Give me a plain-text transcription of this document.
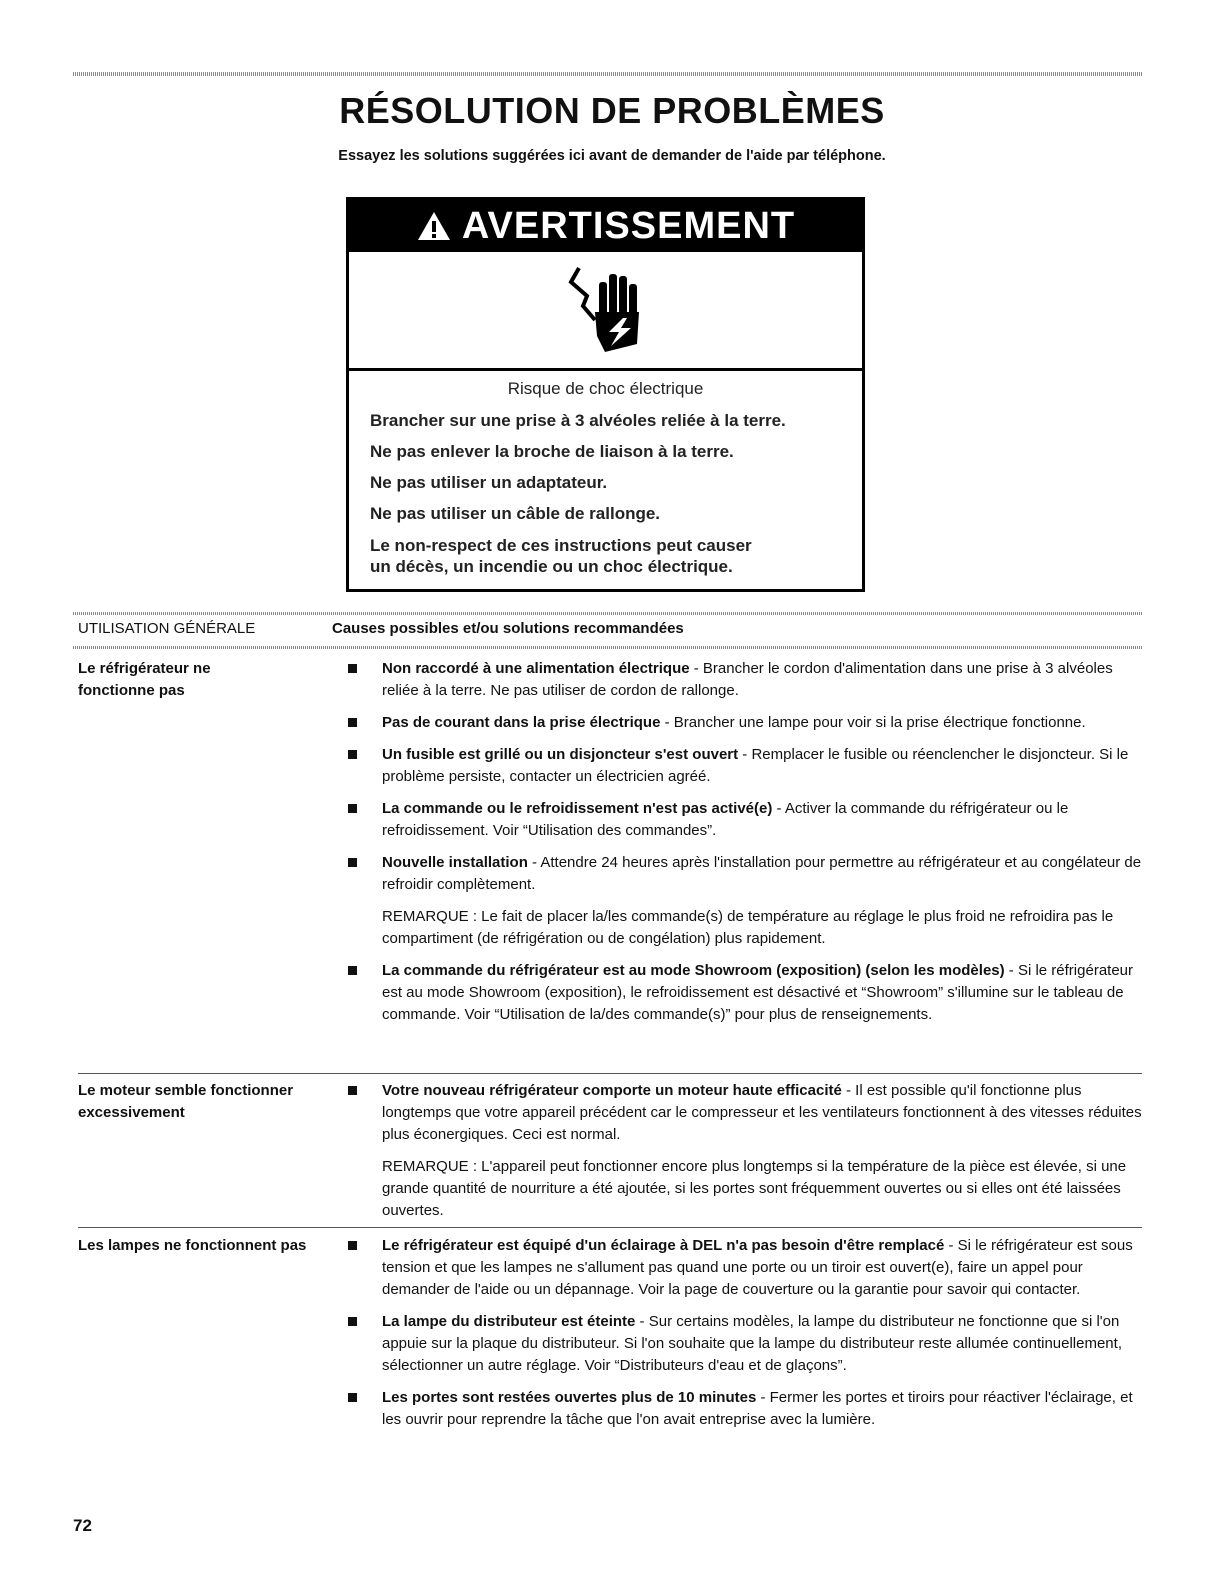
RÉSOLUTION DE PROBLÈMES
Essayez les solutions suggérées ici avant de demander de l'aide par téléphone.
AVERTISSEMENT

Risque de choc électrique

Brancher sur une prise à 3 alvéoles reliée à la terre.

Ne pas enlever la broche de liaison à la terre.

Ne pas utiliser un adaptateur.

Ne pas utiliser un câble de rallonge.

Le non-respect de ces instructions peut causer
un décès, un incendie ou un choc électrique.

UTILISATION GÉNÉRALE	Causes possibles et/ou solutions recommandées
Le réfrigérateur ne fonctionne pas
Non raccordé à une alimentation électrique - Brancher le cordon d'alimentation dans une prise à 3 alvéoles reliée à la terre. Ne pas utiliser de cordon de rallonge.
Pas de courant dans la prise électrique - Brancher une lampe pour voir si la prise électrique fonctionne.
Un fusible est grillé ou un disjoncteur s'est ouvert - Remplacer le fusible ou réenclencher le disjoncteur. Si le problème persiste, contacter un électricien agréé.
La commande ou le refroidissement n'est pas activé(e) - Activer la commande du réfrigérateur ou le refroidissement. Voir “Utilisation des commandes”.
Nouvelle installation - Attendre 24 heures après l'installation pour permettre au réfrigérateur et au congélateur de refroidir complètement.
REMARQUE : Le fait de placer la/les commande(s) de température au réglage le plus froid ne refroidira pas le compartiment (de réfrigération ou de congélation) plus rapidement.
La commande du réfrigérateur est au mode Showroom (exposition) (selon les modèles) - Si le réfrigérateur est au mode Showroom (exposition), le refroidissement est désactivé et “Showroom” s'illumine sur le tableau de commande. Voir “Utilisation de la/des commande(s)” pour plus de renseignements.
Le moteur semble fonctionner excessivement
Votre nouveau réfrigérateur comporte un moteur haute efficacité - Il est possible qu'il fonctionne plus longtemps que votre appareil précédent car le compresseur et les ventilateurs fonctionnent à des vitesses réduites plus éconergiques. Ceci est normal.
REMARQUE : L'appareil peut fonctionner encore plus longtemps si la température de la pièce est élevée, si une grande quantité de nourriture a été ajoutée, si les portes sont fréquemment ouvertes ou si elles ont été laissées ouvertes.
Les lampes ne fonctionnent pas	Le réfrigérateur est équipé d'un éclairage à DEL n'a pas besoin d'être remplacé - Si le réfrigérateur est sous tension et que les lampes ne s'allument pas quand une porte ou un tiroir est ouvert(e), faire un appel pour demander de l'aide ou un dépannage. Voir la page de couverture ou la garantie pour savoir qui contacter.
La lampe du distributeur est éteinte - Sur certains modèles, la lampe du distributeur ne fonctionne que si l'on appuie sur la plaque du distributeur. Si l'on souhaite que la lampe du distributeur reste allumée continuellement, sélectionner un autre réglage. Voir “Distributeurs d'eau et de glaçons”.
Les portes sont restées ouvertes plus de 10 minutes - Fermer les portes et tiroirs pour réactiver l'éclairage, et les ouvrir pour reprendre la tâche que l'on avait entreprise avec la lumière.
72
